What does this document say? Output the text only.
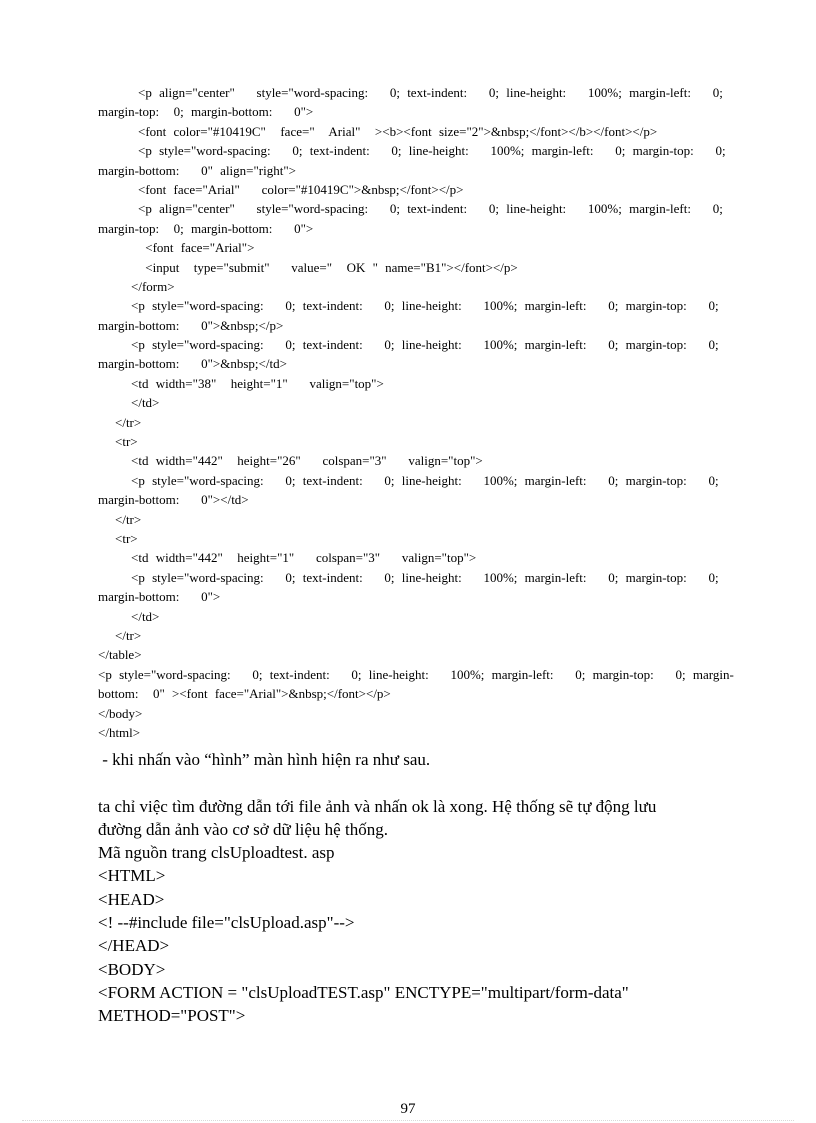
<p align="center"   style="word-spacing:   0; text-indent:   0; line-height:   100%; margin-left:   0;
margin-top:  0; margin-bottom:   0">
<font color="#10419C"  face="  Arial"  ><b><font size="2">&nbsp;</font></b></font></p>
<p style="word-spacing:   0; text-indent:   0; line-height:   100%; margin-left:   0; margin-top:   0;
margin-bottom:   0" align="right">
<font face="Arial"   color="#10419C">&nbsp;</font></p>
<p align="center"   style="word-spacing:   0; text-indent:   0; line-height:   100%; margin-left:   0;
margin-top:  0; margin-bottom:   0">
<font face="Arial">
<input  type="submit"   value="  OK " name="B1"></font></p>
</form>
<p style="word-spacing:   0; text-indent:   0; line-height:   100%; margin-left:   0; margin-top:   0;
margin-bottom:   0">&nbsp;</p>
<p style="word-spacing:   0; text-indent:   0; line-height:   100%; margin-left:   0; margin-top:   0;
margin-bottom:   0">&nbsp;</td>
<td width="38"  height="1"   valign="top">
</td>
</tr>
<tr>
<td width="442"  height="26"   colspan="3"   valign="top">
<p style="word-spacing:   0; text-indent:   0; line-height:   100%; margin-left:   0; margin-top:   0;
margin-bottom:   0"></td>
</tr>
<tr>
<td width="442"  height="1"   colspan="3"   valign="top">
<p style="word-spacing:   0; text-indent:   0; line-height:   100%; margin-left:   0; margin-top:   0;
margin-bottom:   0">
</td>
</tr>
</table>
<p style="word-spacing:   0; text-indent:   0; line-height:   100%; margin-left:   0; margin-top:   0; margin-
bottom:  0" ><font face="Arial">&nbsp;</font></p>
</body>
</html>
- khi nhấn vào “hình” màn hình hiện ra như sau.
ta chỉ việc tìm đường dẫn tới file ảnh và nhấn ok là xong. Hệ thống sẽ tự động lưu
đường dẫn ảnh vào cơ sở dữ liệu hệ thống.
Mã nguồn trang clsUploadtest. asp
<HTML>
<HEAD>
<! --#include file="clsUpload.asp"-->
</HEAD>
<BODY>
<FORM ACTION = "clsUploadTEST.asp" ENCTYPE="multipart/form-data"
METHOD="POST">
97
